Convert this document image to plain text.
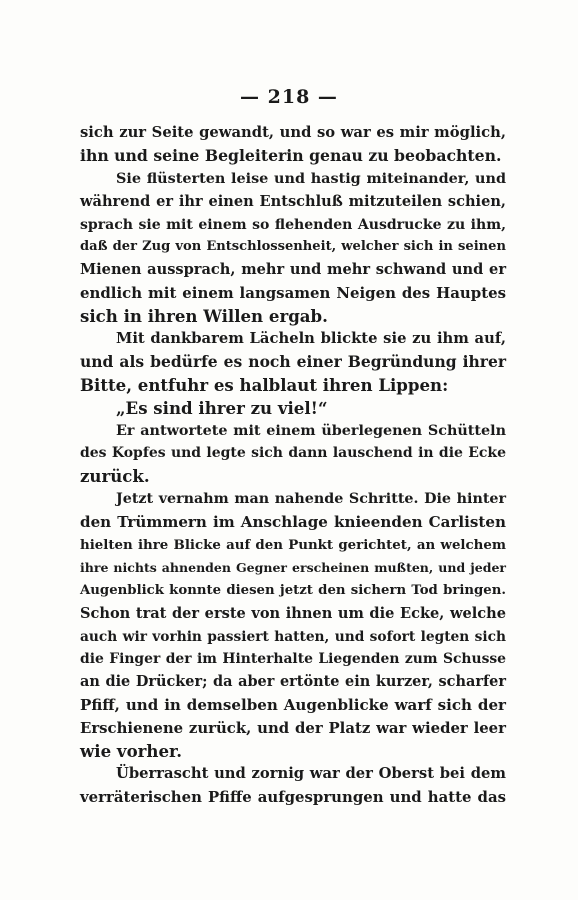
— 218 —
sich zur Seite gewandt, und so war es mir möglich,
ihn und seine Begleiterin genau zu beobachten.
Sie flüsterten leise und hastig miteinander, und
während er ihr einen Entschluß mitzuteilen schien,
sprach sie mit einem so flehenden Ausdrucke zu ihm,
daß der Zug von Entschlossenheit, welcher sich in seinen
Mienen aussprach, mehr und mehr schwand und er
endlich mit einem langsamen Neigen des Hauptes
sich in ihren Willen ergab.
Mit dankbarem Lächeln blickte sie zu ihm auf,
und als bedürfe es noch einer Begründung ihrer
Bitte, entfuhr es halblaut ihren Lippen:
„Es sind ihrer zu viel!“
Er antwortete mit einem überlegenen Schütteln
des Kopfes und legte sich dann lauschend in die Ecke
zurück.
Jetzt vernahm man nahende Schritte. Die hinter
den Trümmern im Anschlage knieenden Carlisten
hielten ihre Blicke auf den Punkt gerichtet, an welchem
ihre nichts ahnenden Gegner erscheinen mußten, und jeder
Augenblick konnte diesen jetzt den sichern Tod bringen.
Schon trat der erste von ihnen um die Ecke, welche
auch wir vorhin passiert hatten, und sofort legten sich
die Finger der im Hinterhalte Liegenden zum Schusse
an die Drücker; da aber ertönte ein kurzer, scharfer
Pfiff, und in demselben Augenblicke warf sich der
Erschienene zurück, und der Platz war wieder leer
wie vorher.
Überrascht und zornig war der Oberst bei dem
verräterischen Pfiffe aufgesprungen und hatte das
